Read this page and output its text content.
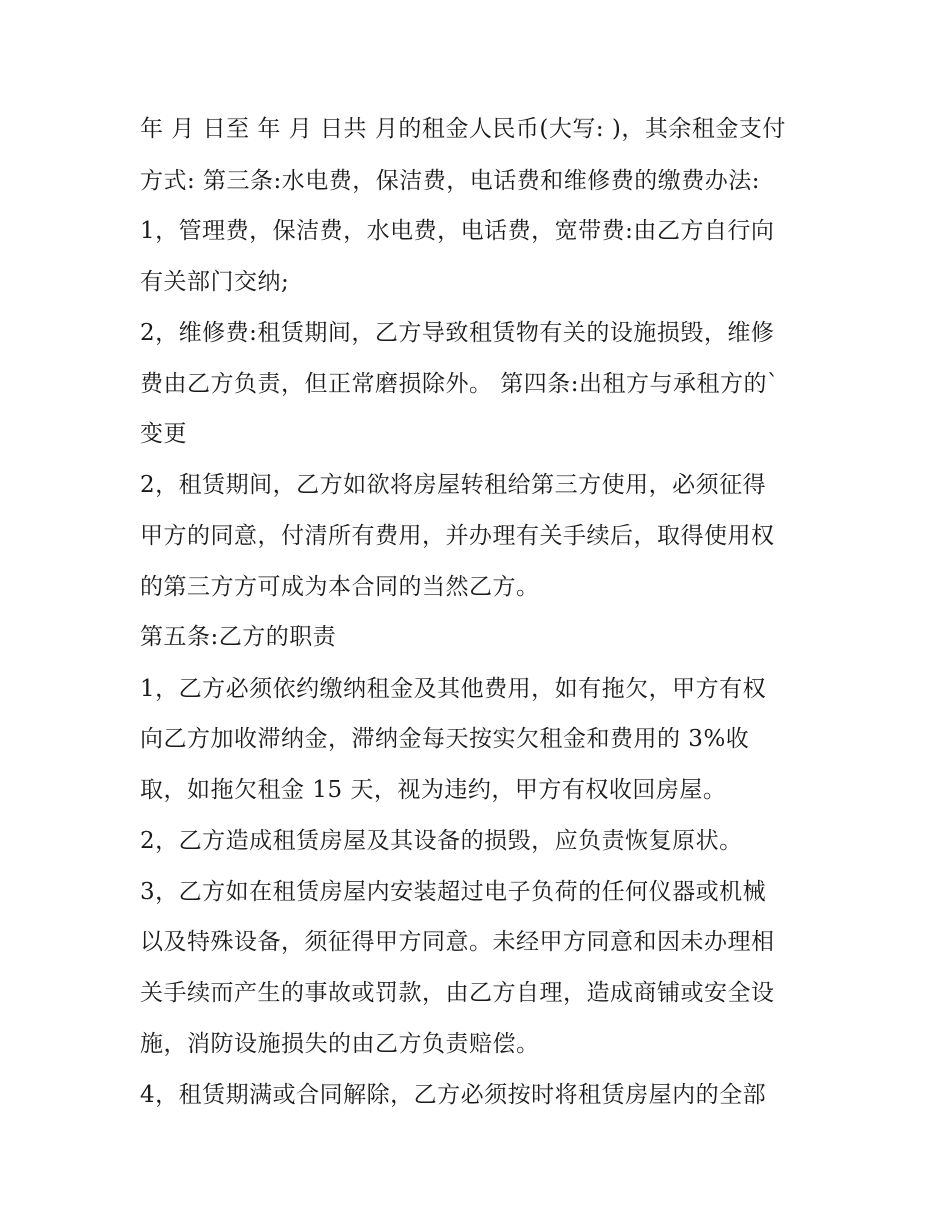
年 月 日至 年 月 日共 月的租金人民币(大写: )，其余租金支付

方式: 第三条:水电费，保洁费，电话费和维修费的缴费办法:

1，管理费，保洁费，水电费，电话费，宽带费:由乙方自行向

有关部门交纳;

2，维修费:租赁期间，乙方导致租赁物有关的设施损毁，维修

费由乙方负责，但正常磨损除外。 第四条:出租方与承租方的`

变更

2，租赁期间，乙方如欲将房屋转租给第三方使用，必须征得

甲方的同意，付清所有费用，并办理有关手续后，取得使用权

的第三方方可成为本合同的当然乙方。

第五条:乙方的职责

1，乙方必须依约缴纳租金及其他费用，如有拖欠，甲方有权

向乙方加收滞纳金，滞纳金每天按实欠租金和费用的 3%收

取，如拖欠租金 15 天，视为违约，甲方有权收回房屋。

2，乙方造成租赁房屋及其设备的损毁，应负责恢复原状。

3，乙方如在租赁房屋内安装超过电子负荷的任何仪器或机械

以及特殊设备，须征得甲方同意。未经甲方同意和因未办理相

关手续而产生的事故或罚款，由乙方自理，造成商铺或安全设

施，消防设施损失的由乙方负责赔偿。

4，租赁期满或合同解除，乙方必须按时将租赁房屋内的全部
